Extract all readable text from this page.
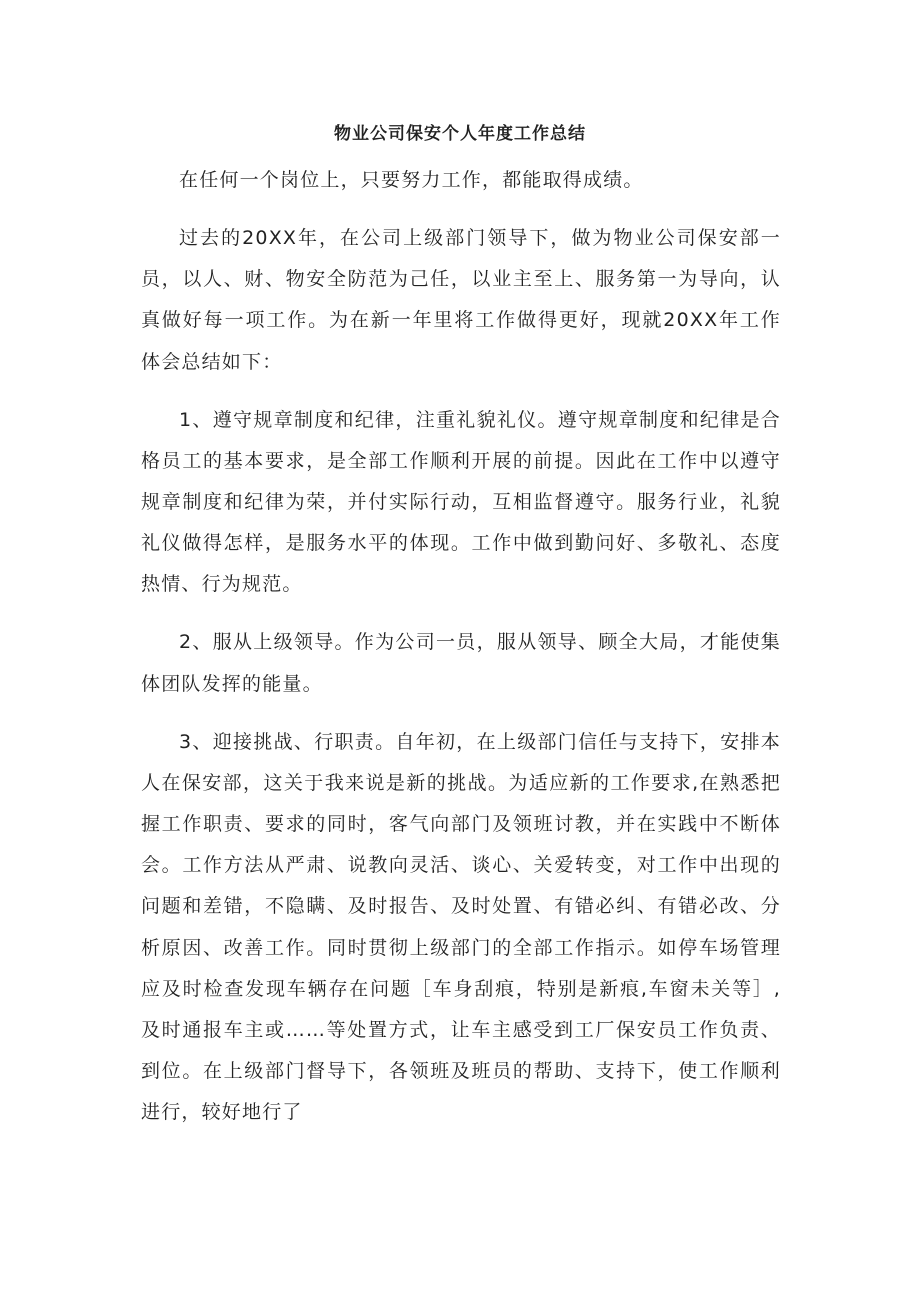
物业公司保安个人年度工作总结

在任何一个岗位上，只要努力工作，都能取得成绩。

过去的20XX年，在公司上级部门领导下，做为物业公司保安部一员，以人、财、物安全防范为己任，以业主至上、服务第一为导向，认真做好每一项工作。为在新一年里将工作做得更好，现就20XX年工作体会总结如下：

1、遵守规章制度和纪律，注重礼貌礼仪。遵守规章制度和纪律是合格员工的基本要求，是全部工作顺利开展的前提。因此在工作中以遵守规章制度和纪律为荣，并付实际行动，互相监督遵守。服务行业，礼貌礼仪做得怎样，是服务水平的体现。工作中做到勤问好、多敬礼、态度热情、行为规范。

2、服从上级领导。作为公司一员，服从领导、顾全大局，才能使集体团队发挥的能量。

3、迎接挑战、行职责。自年初，在上级部门信任与支持下，安排本人在保安部，这关于我来说是新的挑战。为适应新的工作要求,在熟悉把握工作职责、要求的同时，客气向部门及领班讨教，并在实践中不断体会。工作方法从严肃、说教向灵活、谈心、关爱转变，对工作中出现的问题和差错，不隐瞒、及时报告、及时处置、有错必纠、有错必改、分析原因、改善工作。同时贯彻上级部门的全部工作指示。如停车场管理应及时检查发现车辆存在问题［车身刮痕，特别是新痕,车窗未关等］,及时通报车主或……等处置方式，让车主感受到工厂保安员工作负责、到位。在上级部门督导下，各领班及班员的帮助、支持下，使工作顺利进行，较好地行了
